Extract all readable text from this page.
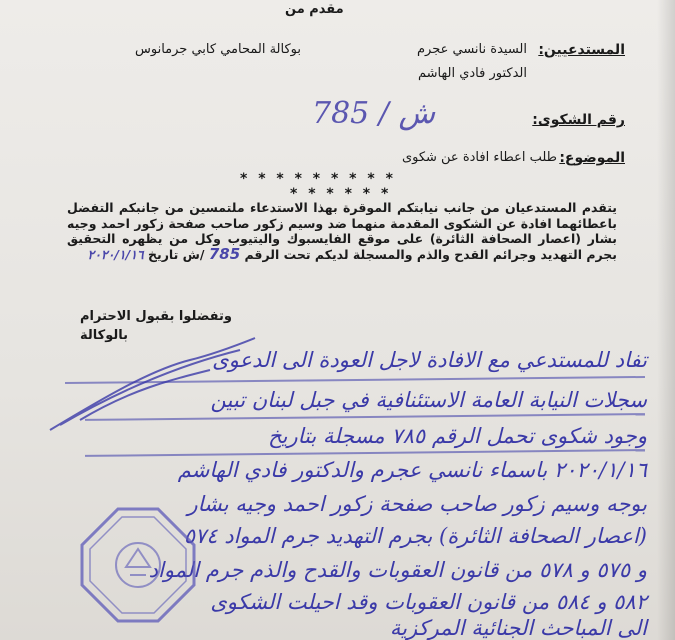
مقدم من
المستدعيين:
السيدة نانسي عجرم
بوكالة المحامي كابي جرمانوس
الدكتور فادي الهاشم
رقم الشكوى:
ش / 785
الموضوع:
طلب اعطاء افادة عن شكوى
* * * * * * * * *
* * * * * *
يتقدم المستدعيان من جانب نيابتكم الموقرة بهذا الاستدعاء ملتمسين من جانبكم التفضل باعطائهما افادة عن الشكوى المقدمة منهما ضد وسيم زكور صاحب صفحة زكور احمد وجيه بشار (اعصار الصحافة الثائرة) على موقع الفايسبوك واليتيوب وكل من يظهره التحقيق بجرم التهديد وجرائم القدح والذم والمسجلة لديكم تحت الرقم 785 /ش تاريخ ٢٠٢٠/١/١٦
وتفضلوا بقبول الاحترام
بالوكالة
تفاد للمستدعي مع الافادة لاجل العودة الى الدعوى
سجلات النيابة العامة الاستئنافية في جبل لبنان تبين
وجود شكوى تحمل الرقم ٧٨٥ مسجلة بتاريخ
٢٠٢٠/١/١٦ باسماء نانسي عجرم والدكتور فادي الهاشم
بوجه وسيم زكور صاحب صفحة زكور احمد وجيه بشار
(اعصار الصحافة الثائرة) بجرم التهديد جرم المواد ٥٧٤
و ٥٧٥ و ٥٧٨ من قانون العقوبات والقدح والذم جرم المواد
٥٨٢ و ٥٨٤ من قانون العقوبات وقد احيلت الشكوى
الى المباحث الجنائية المركزية
